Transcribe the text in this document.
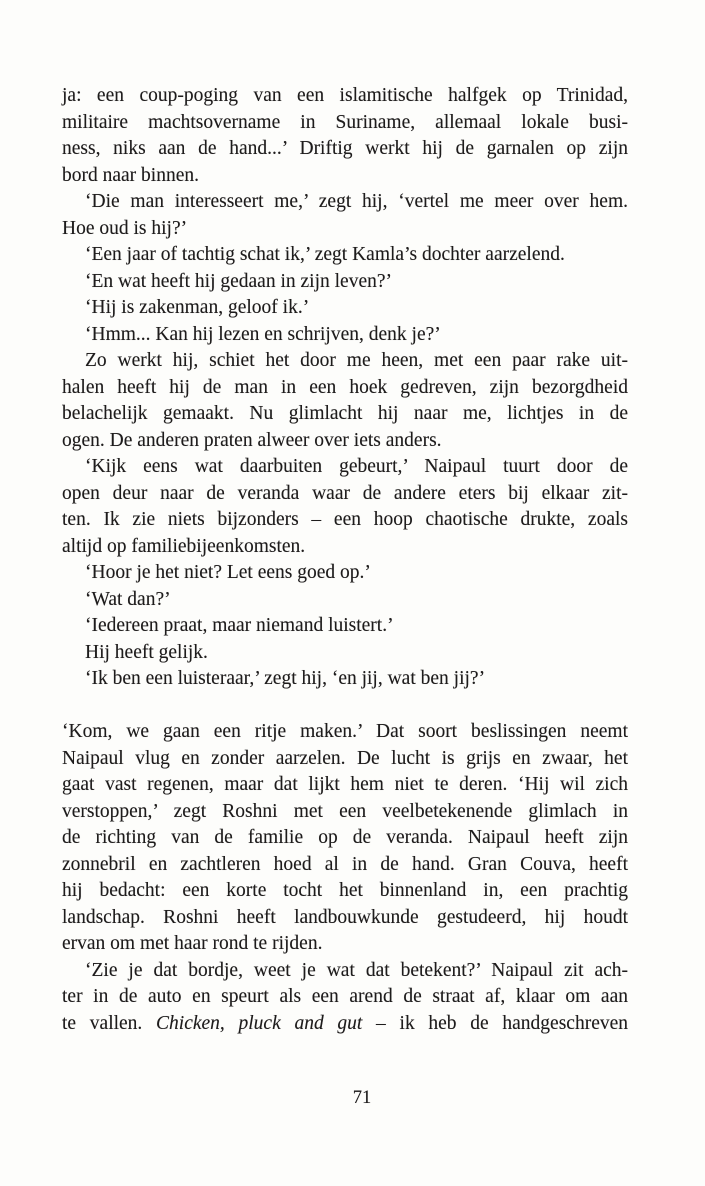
ja: een coup-poging van een islamitische halfgek op Trinidad,
militaire machtsovername in Suriname, allemaal lokale busi-
ness, niks aan de hand...’ Driftig werkt hij de garnalen op zijn
bord naar binnen.
‘Die man interesseert me,’ zegt hij, ‘vertel me meer over hem.
Hoe oud is hij?’
‘Een jaar of tachtig schat ik,’ zegt Kamla’s dochter aarzelend.
‘En wat heeft hij gedaan in zijn leven?’
‘Hij is zakenman, geloof ik.’
‘Hmm... Kan hij lezen en schrijven, denk je?’
Zo werkt hij, schiet het door me heen, met een paar rake uit-
halen heeft hij de man in een hoek gedreven, zijn bezorgdheid
belachelijk gemaakt. Nu glimlacht hij naar me, lichtjes in de
ogen. De anderen praten alweer over iets anders.
‘Kijk eens wat daarbuiten gebeurt,’ Naipaul tuurt door de
open deur naar de veranda waar de andere eters bij elkaar zit-
ten. Ik zie niets bijzonders – een hoop chaotische drukte, zoals
altijd op familiebijeenkomsten.
‘Hoor je het niet? Let eens goed op.’
‘Wat dan?’
‘Iedereen praat, maar niemand luistert.’
Hij heeft gelijk.
‘Ik ben een luisteraar,’ zegt hij, ‘en jij, wat ben jij?’
‘Kom, we gaan een ritje maken.’ Dat soort beslissingen neemt
Naipaul vlug en zonder aarzelen. De lucht is grijs en zwaar, het
gaat vast regenen, maar dat lijkt hem niet te deren. ‘Hij wil zich
verstoppen,’ zegt Roshni met een veelbetekenende glimlach in
de richting van de familie op de veranda. Naipaul heeft zijn
zonnebril en zachtleren hoed al in de hand. Gran Couva, heeft
hij bedacht: een korte tocht het binnenland in, een prachtig
landschap. Roshni heeft landbouwkunde gestudeerd, hij houdt
ervan om met haar rond te rijden.
‘Zie je dat bordje, weet je wat dat betekent?’ Naipaul zit ach-
ter in de auto en speurt als een arend de straat af, klaar om aan
te vallen. Chicken, pluck and gut – ik heb de handgeschreven
71
